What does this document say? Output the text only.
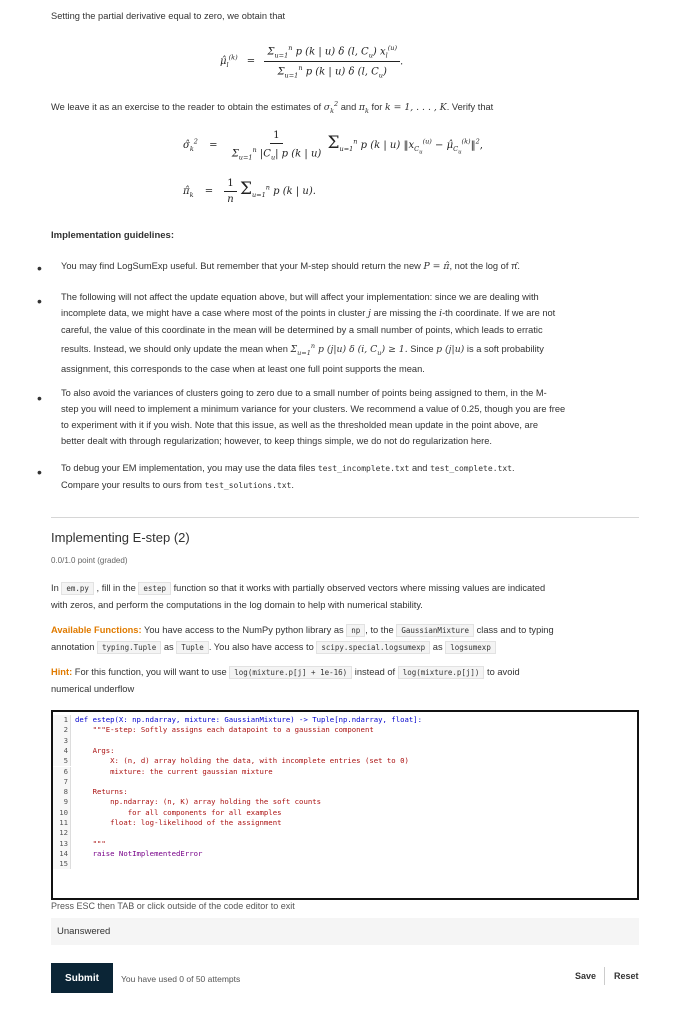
Setting the partial derivative equal to zero, we obtain that

$\mû_l^{(k)} = \frac{\Sigma_{u=1}^n p (k | u) \delta (l, C_u) x_l^{(u)}}{\Sigma_{u=1}^n p (k | u) \delta (l, C_u)}$ .

We leave it as an exercise to the reader to obtain the estimates of $\sigma_k^2$ and $\pi_k$ for k = 1, . . . , K. Verify that

$\sigmâ_k^2 = \frac{1}{\Sigma_{u=1}^n |C_u| p (k | u)} \Sigma_{u=1}^n$ p (k | u) $‖x_{C_u}^{(u)}$ − $\mû_{C_u}^{(k)}‖^2$,
$\pî_k = \frac{1}{n} \Sigma_{u=1}^n$ p (k | u).
Implementation guidelines:
• You may find LogSumExp useful. But remember that your M-step should return the new P = π̂, not the log of π̂.

• The following will not affect the update equation above, but will affect your implementation: since we are dealing with

incomplete data, we might have a case where most of the points in cluster j are missing the i-th coordinate. If we are not

careful, the value of this coordinate in the mean will be determined by a small number of points, which leads to erratic

results. Instead, we should only update the mean when $\Sigma_{u=1}^n$ p (j|u) δ (i, $C_u) \ge 1$. Since p (j|u) is a soft probability

assignment, this corresponds to the case when at least one full point supports the mean.

• To also avoid the variances of clusters going to zero due to a small number of points being assigned to them, in the M-

step you will need to implement a minimum variance for your clusters. We recommend a value of 0.25, though you are free

to experiment with it if you wish. Note that this issue, as well as the thresholded mean update in the point above, are

better dealt with through regularization; however, to keep things simple, we do not do regularization here.

• To debug your EM implementation, you may use the data files test_incomplete.txt and test_complete.txt.

Compare your results to ours from test_solutions.txt.

Implementing E-step (2)
0.0/1.0 point (graded)

In em.py , fill in the estep function so that it works with partially observed vectors where missing values are indicated

with zeros, and perform the computations in the log domain to help with numerical stability.

Available Functions: You have access to the NumPy python library as np , to the GaussianMixture class and to typing

annotation typing.Tuple as Tuple . You also have access to scipy.special.logsumexp as logsumexp

Hint: For this function, you will want to use log(mixture.p[j] + 1e-16) instead of log(mixture.p[j]) to avoid

numerical underflow

1 def estep(X: np.ndarray, mixture: GaussianMixture) -> Tuple[np.ndarray, float]:
2 """E-step: Softly assigns each datapoint to a gaussian component
3
4 Args:
5 X: (n, d) array holding the data, with incomplete entries (set to 0)
6 mixture: the current gaussian mixture
7
8 Returns:
9 np.ndarray: (n, K) array holding the soft counts
10 for all components for all examples
11 float: log-likelihood of the assignment
12
13 """
14 raise NotImplementedError
15
Press ESC then TAB or click outside of the code editor to exit
Unanswered
Submit	You have used 0 of 50 attempts	Save Reset
